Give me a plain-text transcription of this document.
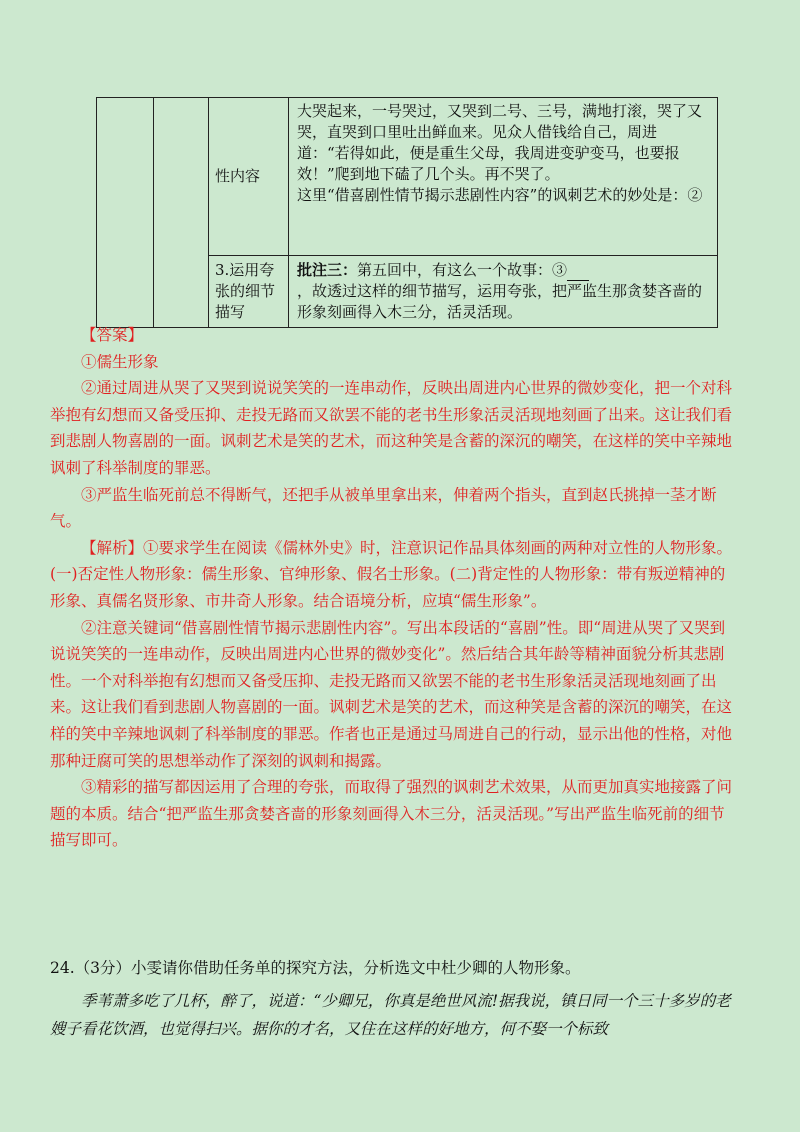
		性内容	大哭起来，一号哭过，又哭到二号、三号，满地打滚，哭了又哭，直哭到口里吐出鲜血来。见众人借钱给自己，周进道：“若得如此，便是重生父母，我周进变驴变马，也要报效！”爬到地下磕了几个头。再不哭了。
这里“借喜剧性情节揭示悲剧性内容”的讽刺艺术的妙处是：②

		3.运用夸张的细节描写	批注三：第五回中，有这么一个故事：③
，故透过这样的细节描写，运用夸张，把严监生那贪婪吝啬的形象刻画得入木三分，活灵活现。

【答案】

①儒生形象

②通过周进从哭了又哭到说说笑笑的一连串动作，反映出周进内心世界的微妙变化，把一个对科举抱有幻想而又备受压抑、走投无路而又欲罢不能的老书生形象活灵活现地刻画了出来。这让我们看到悲剧人物喜剧的一面。讽刺艺术是笑的艺术，而这种笑是含蓄的深沉的嘲笑，在这样的笑中辛辣地讽刺了科举制度的罪恶。

③严监生临死前总不得断气，还把手从被单里拿出来，伸着两个指头，直到赵氏挑掉一茎才断气。

【解析】①要求学生在阅读《儒林外史》时，注意识记作品具体刻画的两种对立性的人物形象。(一)否定性人物形象：儒生形象、官绅形象、假名士形象。(二)背定性的人物形象：带有叛逆精神的形象、真儒名贤形象、市井奇人形象。结合语境分析，应填“儒生形象”。

②注意关键词“借喜剧性情节揭示悲剧性内容”。写出本段话的“喜剧”性。即“周进从哭了又哭到说说笑笑的一连串动作，反映出周进内心世界的微妙变化”。然后结合其年龄等精神面貌分析其悲剧性。一个对科举抱有幻想而又备受压抑、走投无路而又欲罢不能的老书生形象活灵活现地刻画了出来。这让我们看到悲剧人物喜剧的一面。讽刺艺术是笑的艺术，而这种笑是含蓄的深沉的嘲笑，在这样的笑中辛辣地讽刺了科举制度的罪恶。作者也正是通过马周进自己的行动，显示出他的性格，对他那种迂腐可笑的思想举动作了深刻的讽刺和揭露。

③精彩的描写都因运用了合理的夸张，而取得了强烈的讽刺艺术效果，从而更加真实地接露了问题的本质。结合“把严监生那贪婪吝啬的形象刻画得入木三分，活灵活现。”写出严监生临死前的细节描写即可。

24.（3分）小雯请你借助任务单的探究方法，分析选文中杜少卿的人物形象。

季苇萧多吃了几杯，醉了，说道：“少卿兄，你真是绝世风流!据我说，镇日同一个三十多岁的老嫂子看花饮酒，也觉得扫兴。据你的才名，又住在这样的好地方，何不娶一个标致
